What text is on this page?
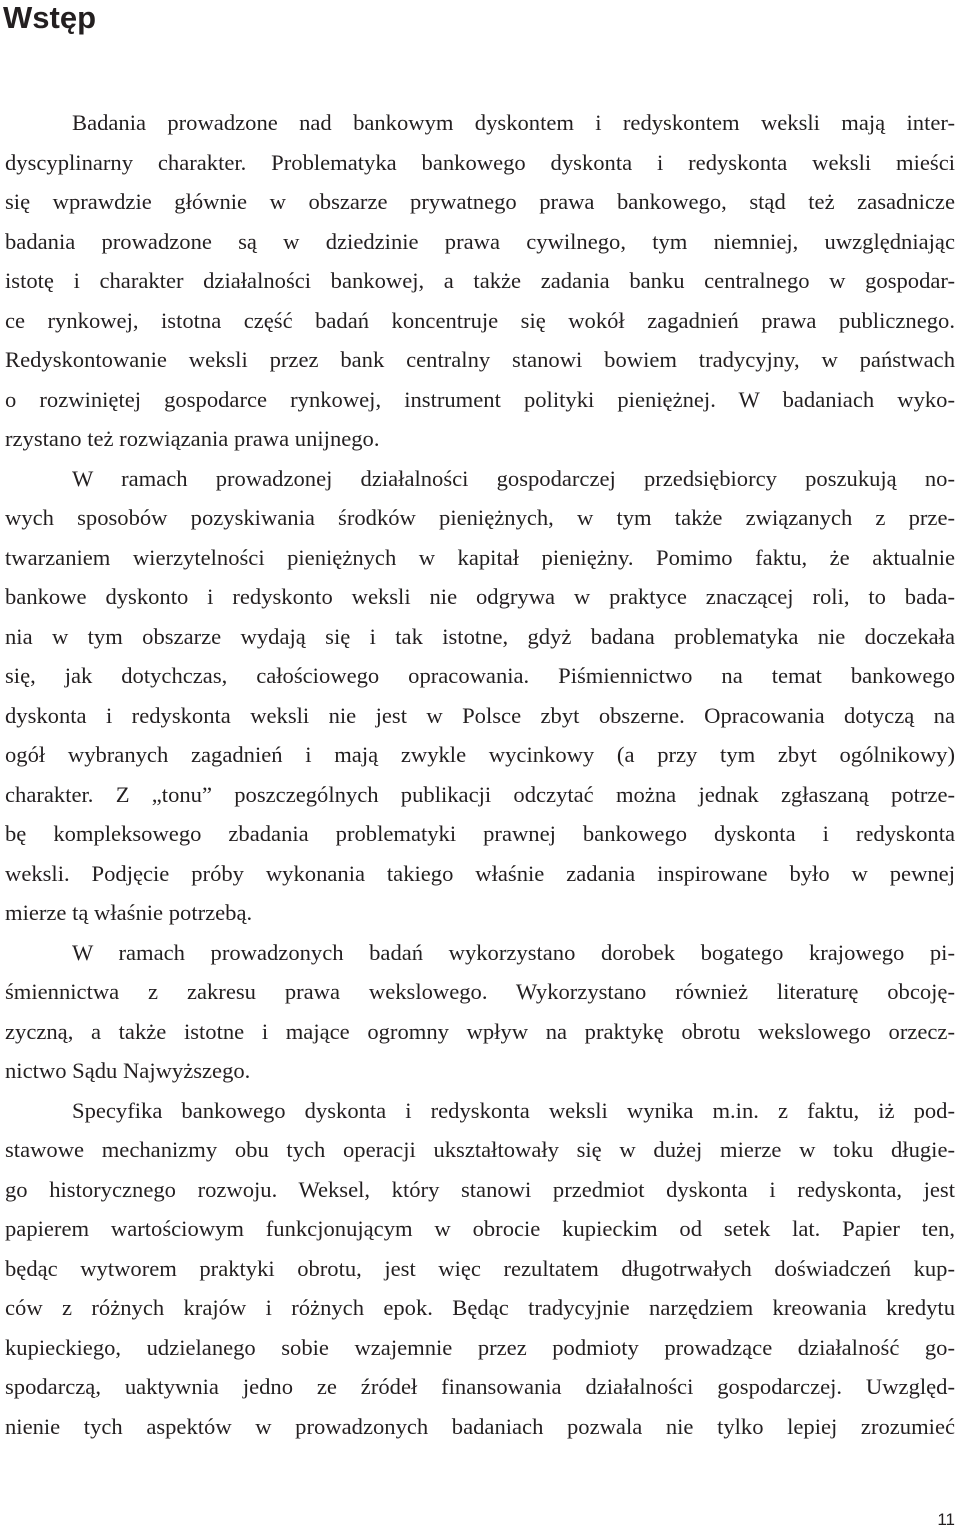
Wstęp

Badania prowadzone nad bankowym dyskontem i redyskontem weksli mają inter-
dyscyplinarny charakter. Problematyka bankowego dyskonta i redyskonta weksli mieści
się wprawdzie głównie w obszarze prywatnego prawa bankowego, stąd też zasadnicze
badania prowadzone są w dziedzinie prawa cywilnego, tym niemniej, uwzględniając
istotę i charakter działalności bankowej, a także zadania banku centralnego w gospodar-
ce rynkowej, istotna część badań koncentruje się wokół zagadnień prawa publicznego.
Redyskontowanie weksli przez bank centralny stanowi bowiem tradycyjny, w państwach
o rozwiniętej gospodarce rynkowej, instrument polityki pieniężnej. W badaniach wyko-
rzystano też rozwiązania prawa unijnego.

W ramach prowadzonej działalności gospodarczej przedsiębiorcy poszukują no-
wych sposobów pozyskiwania środków pieniężnych, w tym także związanych z prze-
twarzaniem wierzytelności pieniężnych w kapitał pieniężny. Pomimo faktu, że aktualnie
bankowe dyskonto i redyskonto weksli nie odgrywa w praktyce znaczącej roli, to bada-
nia w tym obszarze wydają się i tak istotne, gdyż badana problematyka nie doczekała
się, jak dotychczas, całościowego opracowania. Piśmiennictwo na temat bankowego
dyskonta i redyskonta weksli nie jest w Polsce zbyt obszerne. Opracowania dotyczą na
ogół wybranych zagadnień i mają zwykle wycinkowy (a przy tym zbyt ogólnikowy)
charakter. Z „tonu” poszczególnych publikacji odczytać można jednak zgłaszaną potrze-
bę kompleksowego zbadania problematyki prawnej bankowego dyskonta i redyskonta
weksli. Podjęcie próby wykonania takiego właśnie zadania inspirowane było w pewnej
mierze tą właśnie potrzebą.

W ramach prowadzonych badań wykorzystano dorobek bogatego krajowego pi-
śmiennictwa z zakresu prawa wekslowego. Wykorzystano również literaturę obcoję-
zyczną, a także istotne i mające ogromny wpływ na praktykę obrotu wekslowego orzecz-
nictwo Sądu Najwyższego.

Specyfika bankowego dyskonta i redyskonta weksli wynika m.in. z faktu, iż pod-
stawowe mechanizmy obu tych operacji ukształtowały się w dużej mierze w toku długie-
go historycznego rozwoju. Weksel, który stanowi przedmiot dyskonta i redyskonta, jest
papierem wartościowym funkcjonującym w obrocie kupieckim od setek lat. Papier ten,
będąc wytworem praktyki obrotu, jest więc rezultatem długotrwałych doświadczeń kup-
ców z różnych krajów i różnych epok. Będąc tradycyjnie narzędziem kreowania kredytu
kupieckiego, udzielanego sobie wzajemnie przez podmioty prowadzące działalność go-
spodarczą, uaktywnia jedno ze źródeł finansowania działalności gospodarczej. Uwzględ-
nienie tych aspektów w prowadzonych badaniach pozwala nie tylko lepiej zrozumieć

11
